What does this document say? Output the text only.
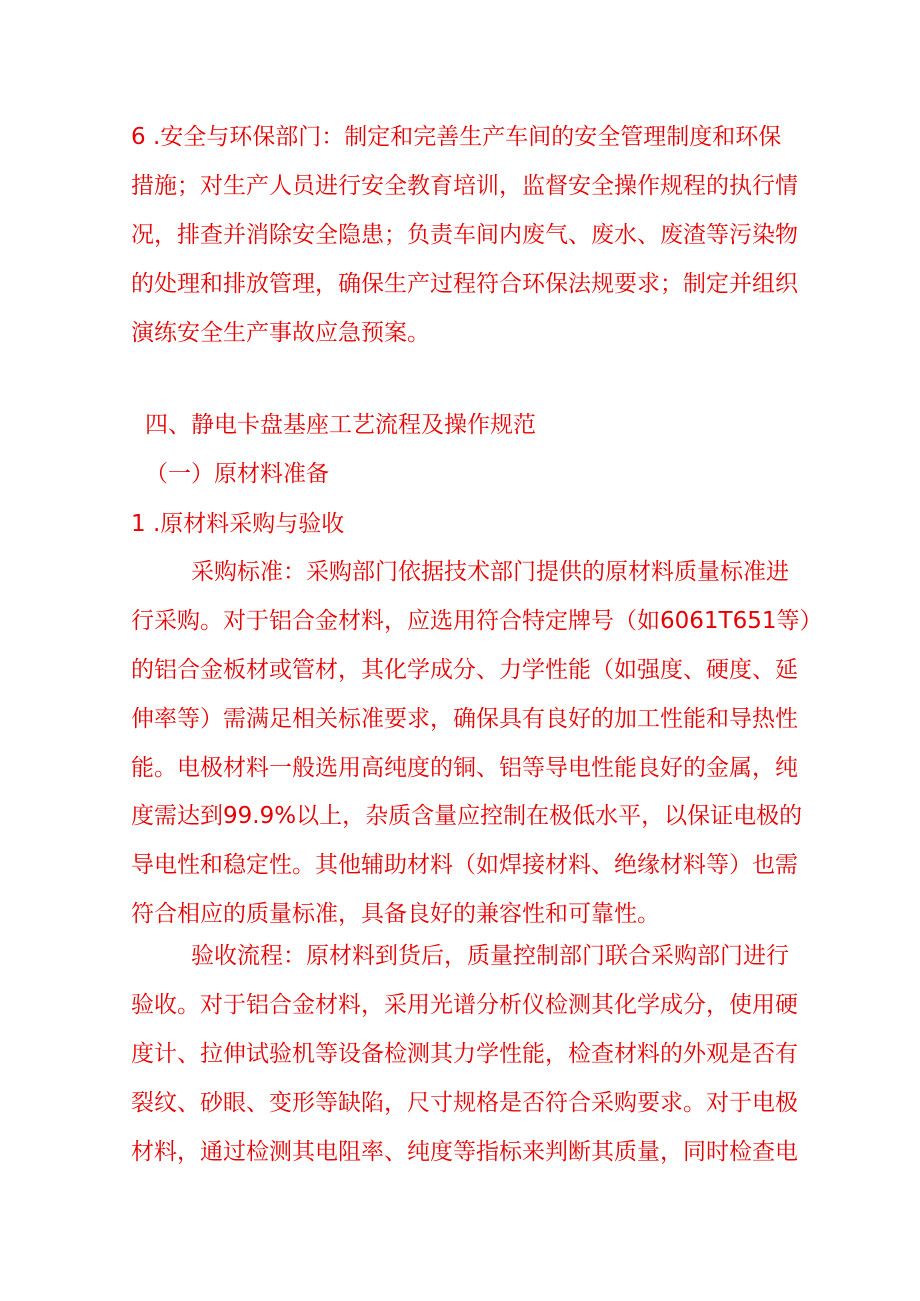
6 .安全与环保部门：制定和完善生产车间的安全管理制度和环保
措施；对生产人员进行安全教育培训，监督安全操作规程的执行情
况，排查并消除安全隐患；负责车间内废气、废水、废渣等污染物
的处理和排放管理，确保生产过程符合环保法规要求；制定并组织
演练安全生产事故应急预案。
四、静电卡盘基座工艺流程及操作规范
（一）原材料准备
1 .原材料采购与验收
采购标准：采购部门依据技术部门提供的原材料质量标准进
行采购。对于铝合金材料，应选用符合特定牌号（如6061T651等）
的铝合金板材或管材，其化学成分、力学性能（如强度、硬度、延
伸率等）需满足相关标准要求，确保具有良好的加工性能和导热性
能。电极材料一般选用高纯度的铜、铝等导电性能良好的金属，纯
度需达到99.9%以上，杂质含量应控制在极低水平，以保证电极的
导电性和稳定性。其他辅助材料（如焊接材料、绝缘材料等）也需
符合相应的质量标准，具备良好的兼容性和可靠性。
验收流程：原材料到货后，质量控制部门联合采购部门进行
验收。对于铝合金材料，采用光谱分析仪检测其化学成分，使用硬
度计、拉伸试验机等设备检测其力学性能，检查材料的外观是否有
裂纹、砂眼、变形等缺陷，尺寸规格是否符合采购要求。对于电极
材料，通过检测其电阻率、纯度等指标来判断其质量，同时检查电
